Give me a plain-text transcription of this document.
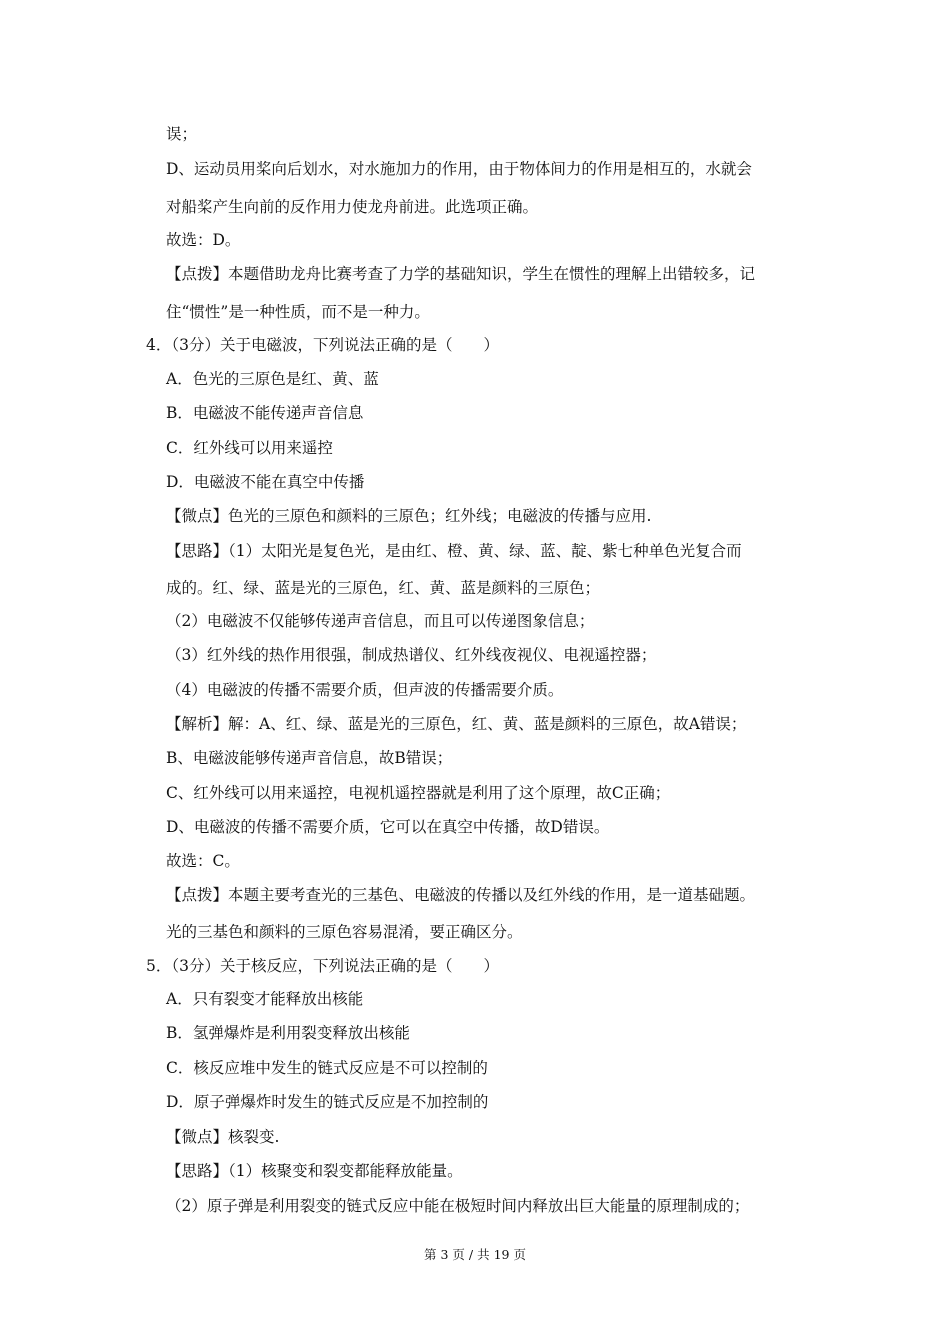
误；
D、运动员用桨向后划水，对水施加力的作用，由于物体间力的作用是相互的，水就会
对船桨产生向前的反作用力使龙舟前进。此选项正确。
故选：D。
【点拨】本题借助龙舟比赛考查了力学的基础知识，学生在惯性的理解上出错较多，记
住“惯性”是一种性质，而不是一种力。
4．（3分）关于电磁波，下列说法正确的是（　　）
A．色光的三原色是红、黄、蓝
B．电磁波不能传递声音信息
C．红外线可以用来遥控
D．电磁波不能在真空中传播
【微点】色光的三原色和颜料的三原色；红外线；电磁波的传播与应用.
【思路】（1）太阳光是复色光，是由红、橙、黄、绿、蓝、靛、紫七种单色光复合而
成的。红、绿、蓝是光的三原色，红、黄、蓝是颜料的三原色；
（2）电磁波不仅能够传递声音信息，而且可以传递图象信息；
（3）红外线的热作用很强，制成热谱仪、红外线夜视仪、电视遥控器；
（4）电磁波的传播不需要介质，但声波的传播需要介质。
【解析】解：A、红、绿、蓝是光的三原色，红、黄、蓝是颜料的三原色，故A错误；
B、电磁波能够传递声音信息，故B错误；
C、红外线可以用来遥控，电视机遥控器就是利用了这个原理，故C正确；
D、电磁波的传播不需要介质，它可以在真空中传播，故D错误。
故选：C。
【点拨】本题主要考查光的三基色、电磁波的传播以及红外线的作用，是一道基础题。
光的三基色和颜料的三原色容易混淆，要正确区分。
5．（3分）关于核反应，下列说法正确的是（　　）
A．只有裂变才能释放出核能
B．氢弹爆炸是利用裂变释放出核能
C．核反应堆中发生的链式反应是不可以控制的
D．原子弹爆炸时发生的链式反应是不加控制的
【微点】核裂变.
【思路】（1）核聚变和裂变都能释放能量。
（2）原子弹是利用裂变的链式反应中能在极短时间内释放出巨大能量的原理制成的；
第 3 页 / 共 19 页
